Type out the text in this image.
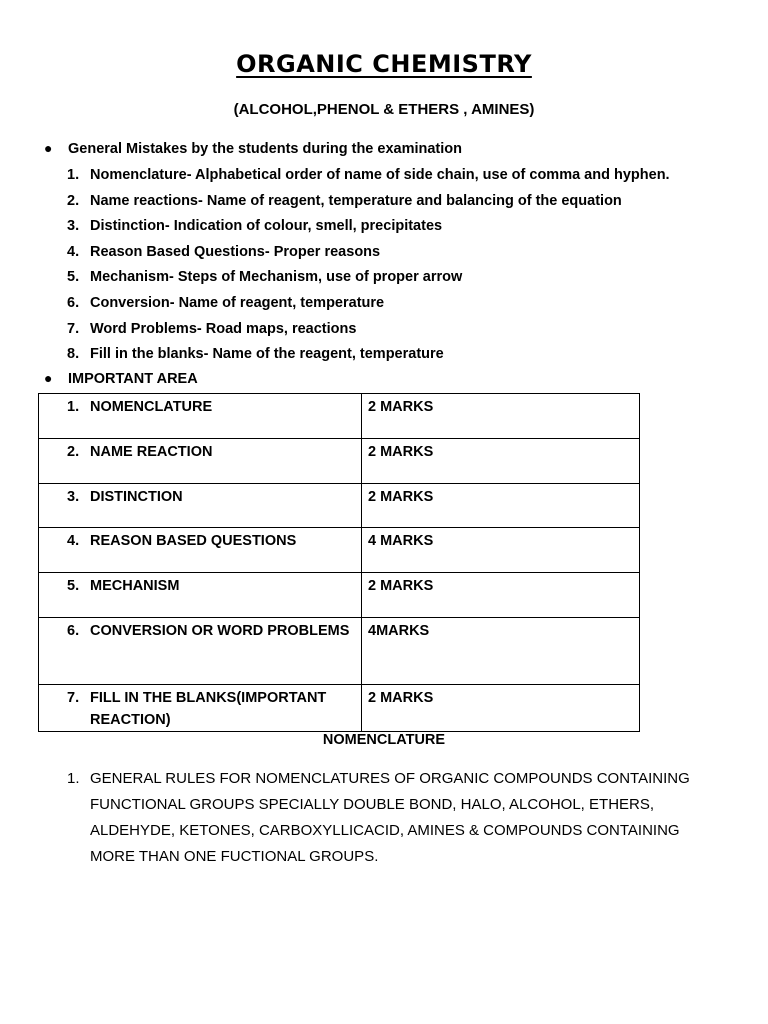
ORGANIC CHEMISTRY
(ALCOHOL,PHENOL & ETHERS , AMINES)
● General Mistakes by the students during the examination
1. Nomenclature- Alphabetical order of name of side chain, use of comma and hyphen.
2. Name reactions- Name of reagent, temperature and balancing of the equation
3. Distinction- Indication of colour, smell, precipitates
4. Reason Based Questions- Proper reasons
5. Mechanism- Steps of Mechanism, use of proper arrow
6. Conversion- Name of reagent, temperature
7. Word Problems- Road maps, reactions
8. Fill in the blanks- Name of the reagent, temperature
● IMPORTANT AREA
1. NOMENCLATURE	2 MARKS

2. NAME REACTION	2 MARKS

3. DISTINCTION	2 MARKS

4. REASON BASED QUESTIONS	4 MARKS

5. MECHANISM	2 MARKS

6. CONVERSION OR WORD PROBLEMS	4MARKS

7. FILL IN THE BLANKS(IMPORTANT REACTION)	2 MARKS
NOMENCLATURE
1. GENERAL RULES FOR NOMENCLATURES OF ORGANIC COMPOUNDS CONTAINING FUNCTIONAL GROUPS SPECIALLY DOUBLE BOND, HALO, ALCOHOL, ETHERS, ALDEHYDE, KETONES, CARBOXYLLICACID, AMINES & COMPOUNDS CONTAINING MORE THAN ONE FUCTIONAL GROUPS.
